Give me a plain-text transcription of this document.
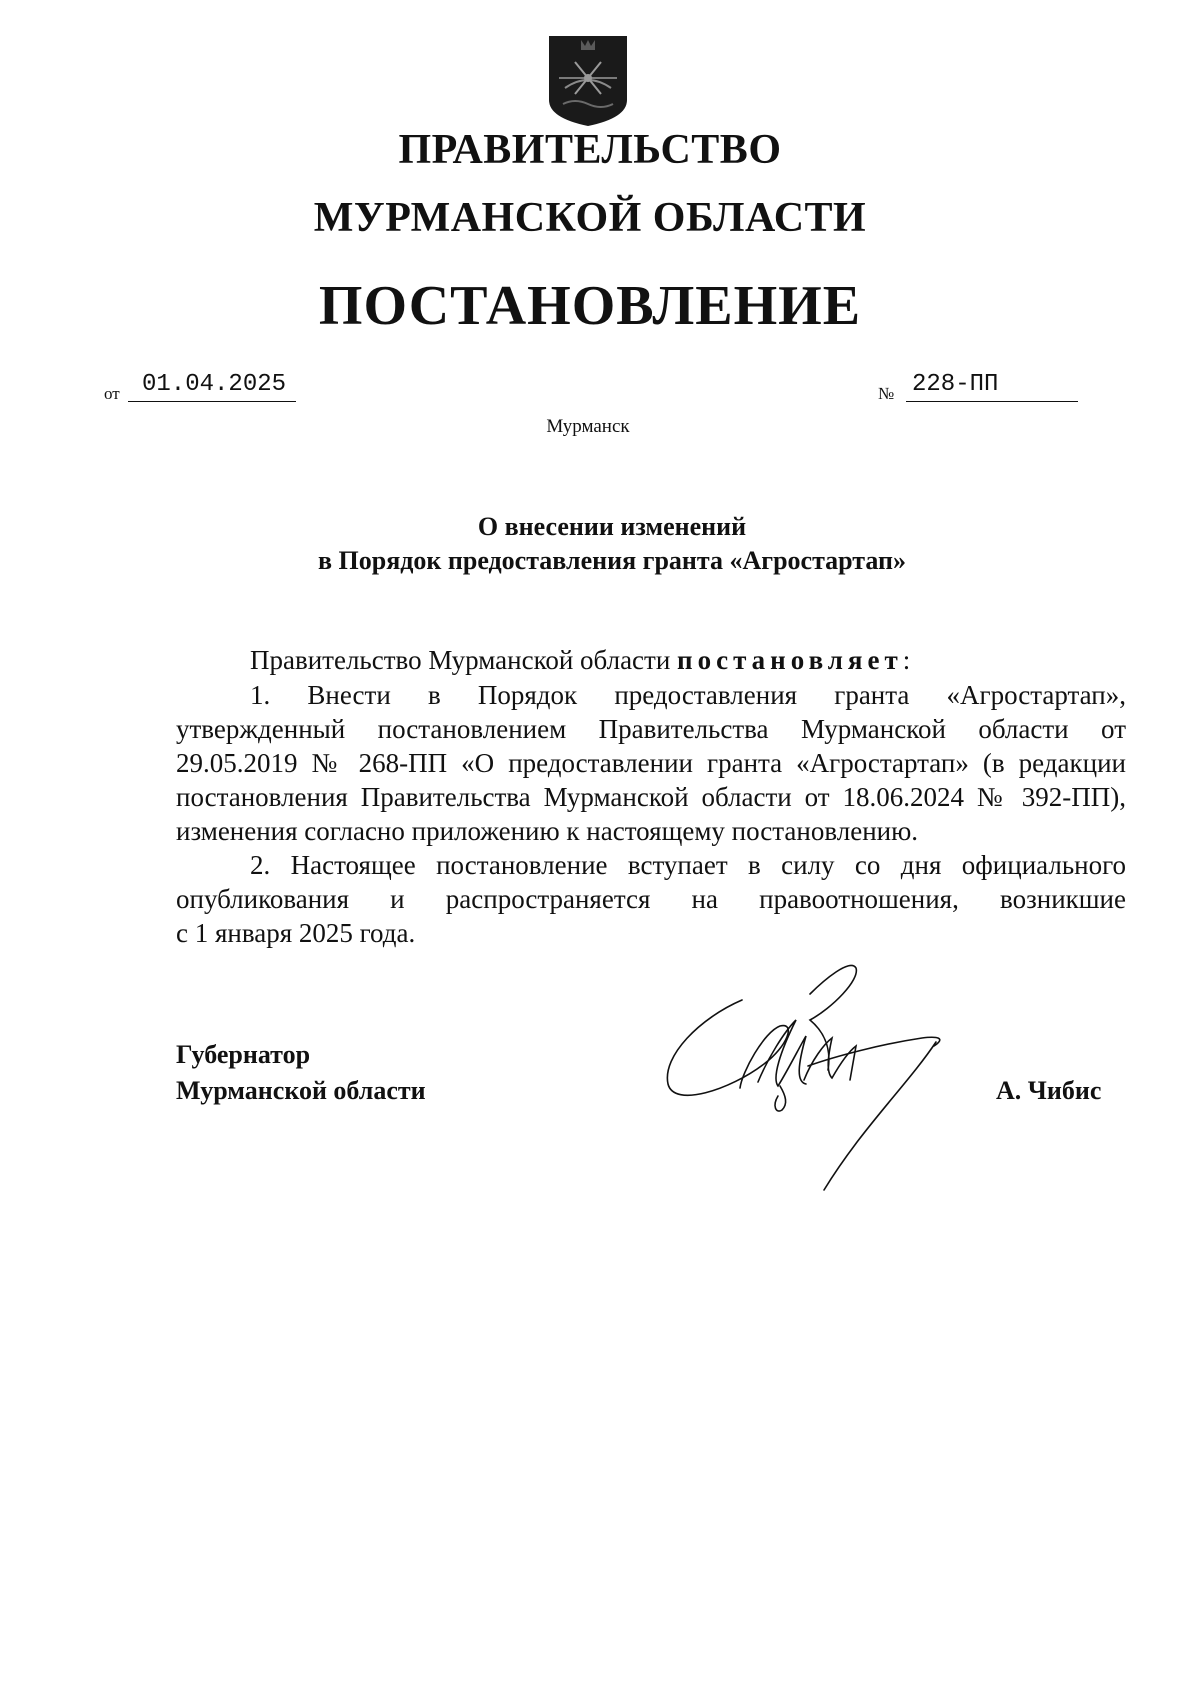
ПРАВИТЕЛЬСТВО
МУРМАНСКОЙ ОБЛАСТИ
ПОСТАНОВЛЕНИЕ
от 01.04.2025	№ 228-ПП
Мурманск
О внесении изменений
в Порядок предоставления гранта «Агростартап»
Правительство Мурманской области постановляет:
1. Внести в Порядок предоставления гранта «Агростартап»,
утвержденный постановлением Правительства Мурманской области от
29.05.2019 № 268-ПП «О предоставлении гранта «Агростартап» (в редакции
постановления Правительства Мурманской области от 18.06.2024 № 392-ПП),
изменения согласно приложению к настоящему постановлению.
2. Настоящее постановление вступает в силу со дня официального
опубликования и распространяется на правоотношения, возникшие
с 1 января 2025 года.
Губернатор
Мурманской области	А. Чибис
